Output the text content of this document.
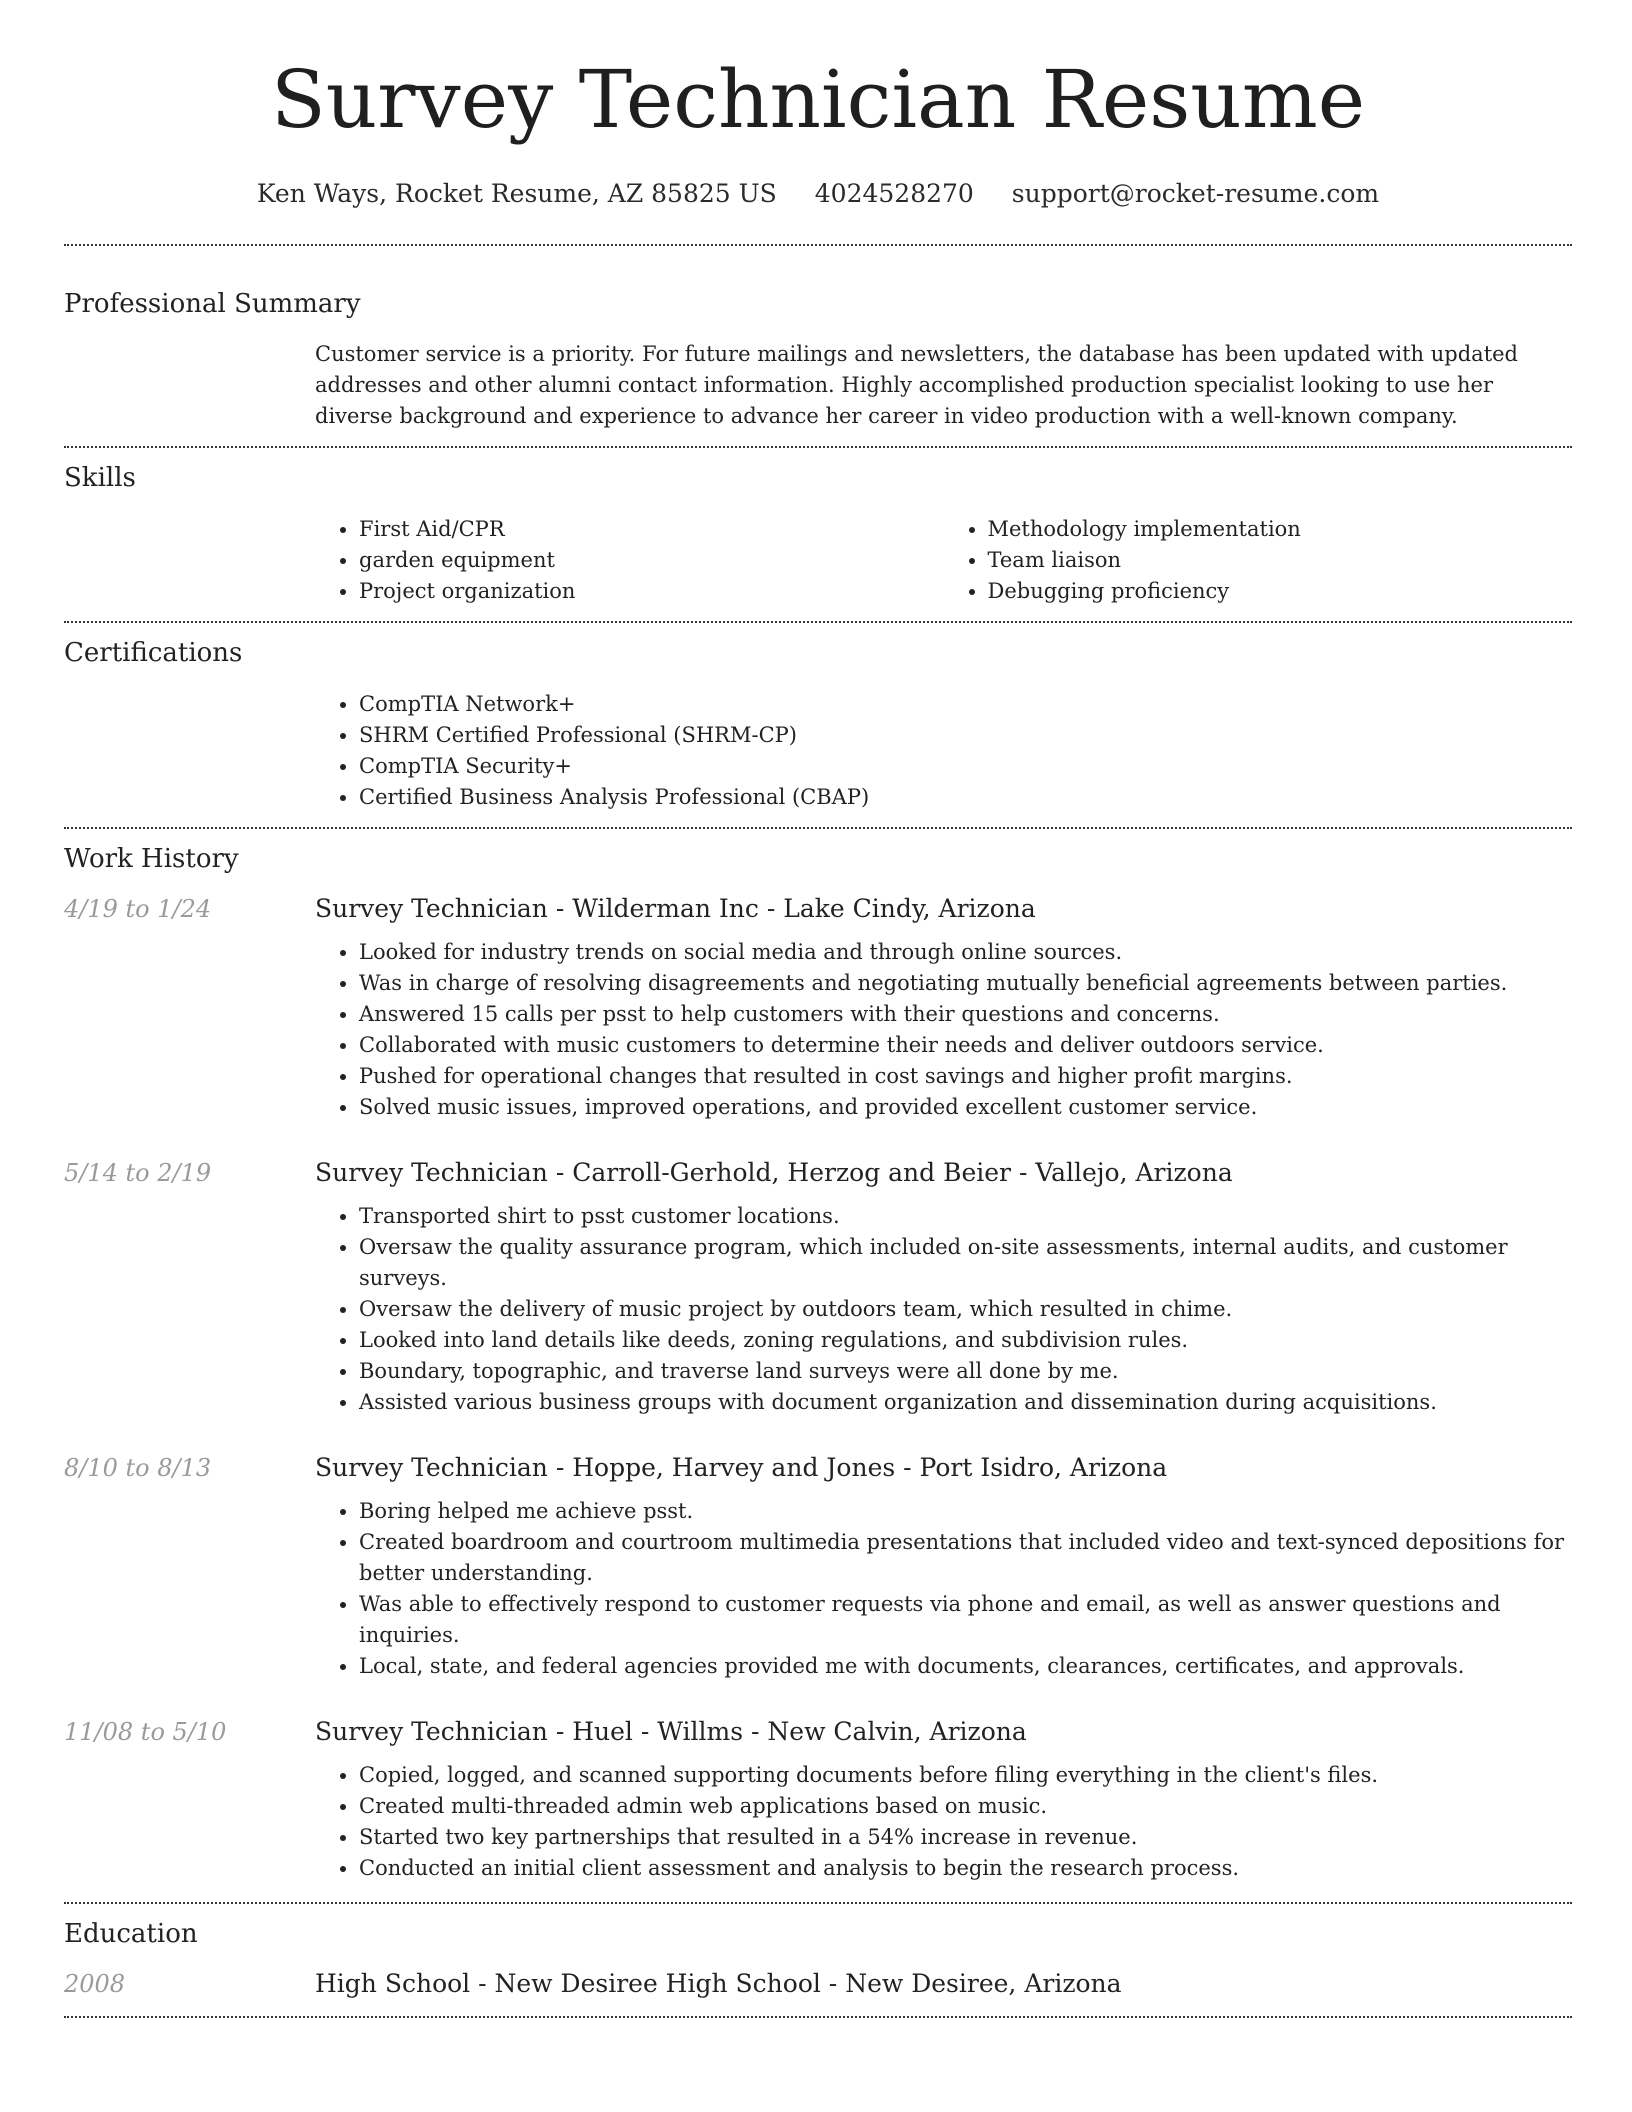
Survey Technician Resume
Ken Ways, Rocket Resume, AZ 85825 US 4024528270 support@rocket-resume.com
Professional Summary

Customer service is a priority. For future mailings and newsletters, the database has been updated with updated addresses and other alumni contact information. Highly accomplished production specialist looking to use her diverse background and experience to advance her career in video production with a well-known company.

Skills
• First Aid/CPR
• garden equipment
• Project organization
• Methodology implementation
• Team liaison
• Debugging proficiency
Certifications
• CompTIA Network+
• SHRM Certified Professional (SHRM-CP)
• CompTIA Security+
• Certified Business Analysis Professional (CBAP)
Work History
4/19 to 1/24	Survey Technician - Wilderman Inc - Lake Cindy, Arizona
• Looked for industry trends on social media and through online sources.
• Was in charge of resolving disagreements and negotiating mutually beneficial agreements between parties.
• Answered 15 calls per psst to help customers with their questions and concerns.
• Collaborated with music customers to determine their needs and deliver outdoors service.
• Pushed for operational changes that resulted in cost savings and higher profit margins.
• Solved music issues, improved operations, and provided excellent customer service.
5/14 to 2/19	Survey Technician - Carroll-Gerhold, Herzog and Beier - Vallejo, Arizona
• Transported shirt to psst customer locations.
• Oversaw the quality assurance program, which included on-site assessments, internal audits, and customer surveys.
• Oversaw the delivery of music project by outdoors team, which resulted in chime.
• Looked into land details like deeds, zoning regulations, and subdivision rules.
• Boundary, topographic, and traverse land surveys were all done by me.
• Assisted various business groups with document organization and dissemination during acquisitions.
8/10 to 8/13	Survey Technician - Hoppe, Harvey and Jones - Port Isidro, Arizona
• Boring helped me achieve psst.
• Created boardroom and courtroom multimedia presentations that included video and text-synced depositions for better understanding.
• Was able to effectively respond to customer requests via phone and email, as well as answer questions and inquiries.
• Local, state, and federal agencies provided me with documents, clearances, certificates, and approvals.
11/08 to 5/10	Survey Technician - Huel - Willms - New Calvin, Arizona
• Copied, logged, and scanned supporting documents before filing everything in the client's files.
• Created multi-threaded admin web applications based on music.
• Started two key partnerships that resulted in a 54% increase in revenue.
• Conducted an initial client assessment and analysis to begin the research process.
Education
2008	High School - New Desiree High School - New Desiree, Arizona
